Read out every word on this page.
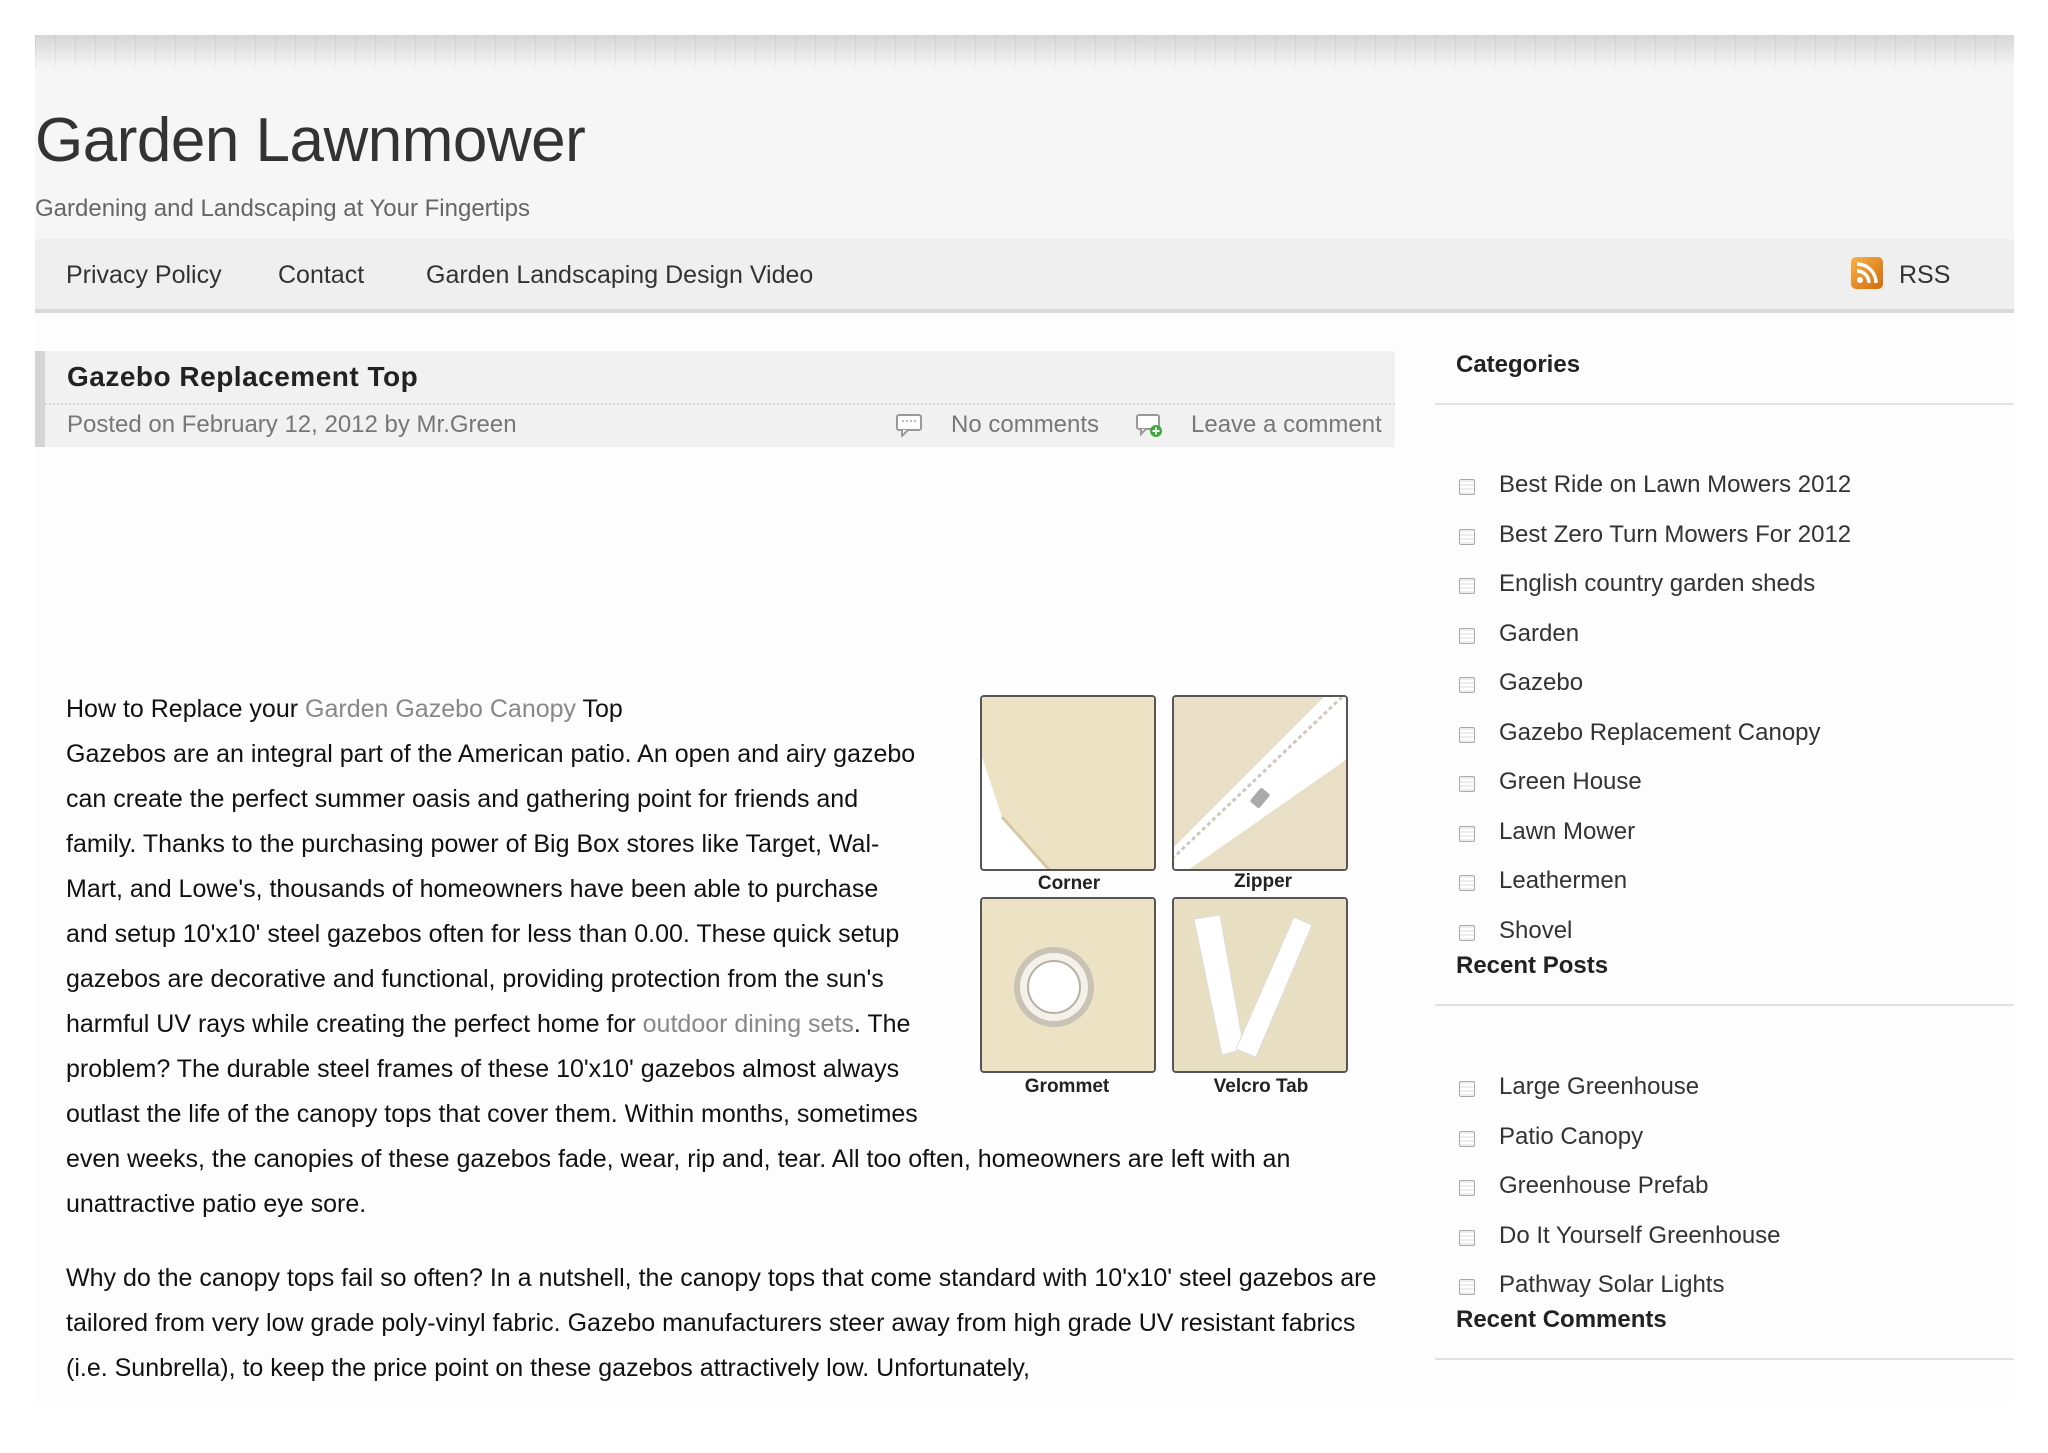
Garden Lawnmower
Gardening and Landscaping at Your Fingertips
Privacy Policy Contact Garden Landscaping Design Video	RSS
Gazebo Replacement Top
Posted on February 12, 2012 by Mr.Green	No comments	Leave a comment
Corner	Zipper
Grommet	Velcro Tab
How to Replace your Garden Gazebo Canopy Top

Gazebos are an integral part of the American patio. An open and airy gazebo can create the perfect summer oasis and gathering point for friends and family. Thanks to the purchasing power of Big Box stores like Target, Wal-Mart, and Lowe's, thousands of homeowners have been able to purchase and setup 10'x10' steel gazebos often for less than 0.00. These quick setup gazebos are decorative and functional, providing protection from the sun's harmful UV rays while creating the perfect home for outdoor dining sets. The problem? The durable steel frames of these 10'x10' gazebos almost always outlast the life of the canopy tops that cover them. Within months, sometimes even weeks, the canopies of these gazebos fade, wear, rip and, tear. All too often, homeowners are left with an unattractive patio eye sore.

Why do the canopy tops fail so often? In a nutshell, the canopy tops that come standard with 10'x10' steel gazebos are tailored from very low grade poly-vinyl fabric. Gazebo manufacturers steer away from high grade UV resistant fabrics (i.e. Sunbrella), to keep the price point on these gazebos attractively low. Unfortunately,

Categories
Best Ride on Lawn Mowers 2012
Best Zero Turn Mowers For 2012
English country garden sheds
Garden
Gazebo
Gazebo Replacement Canopy
Green House
Lawn Mower
Leathermen
Shovel
Recent Posts
Large Greenhouse
Patio Canopy
Greenhouse Prefab
Do It Yourself Greenhouse
Pathway Solar Lights
Recent Comments
